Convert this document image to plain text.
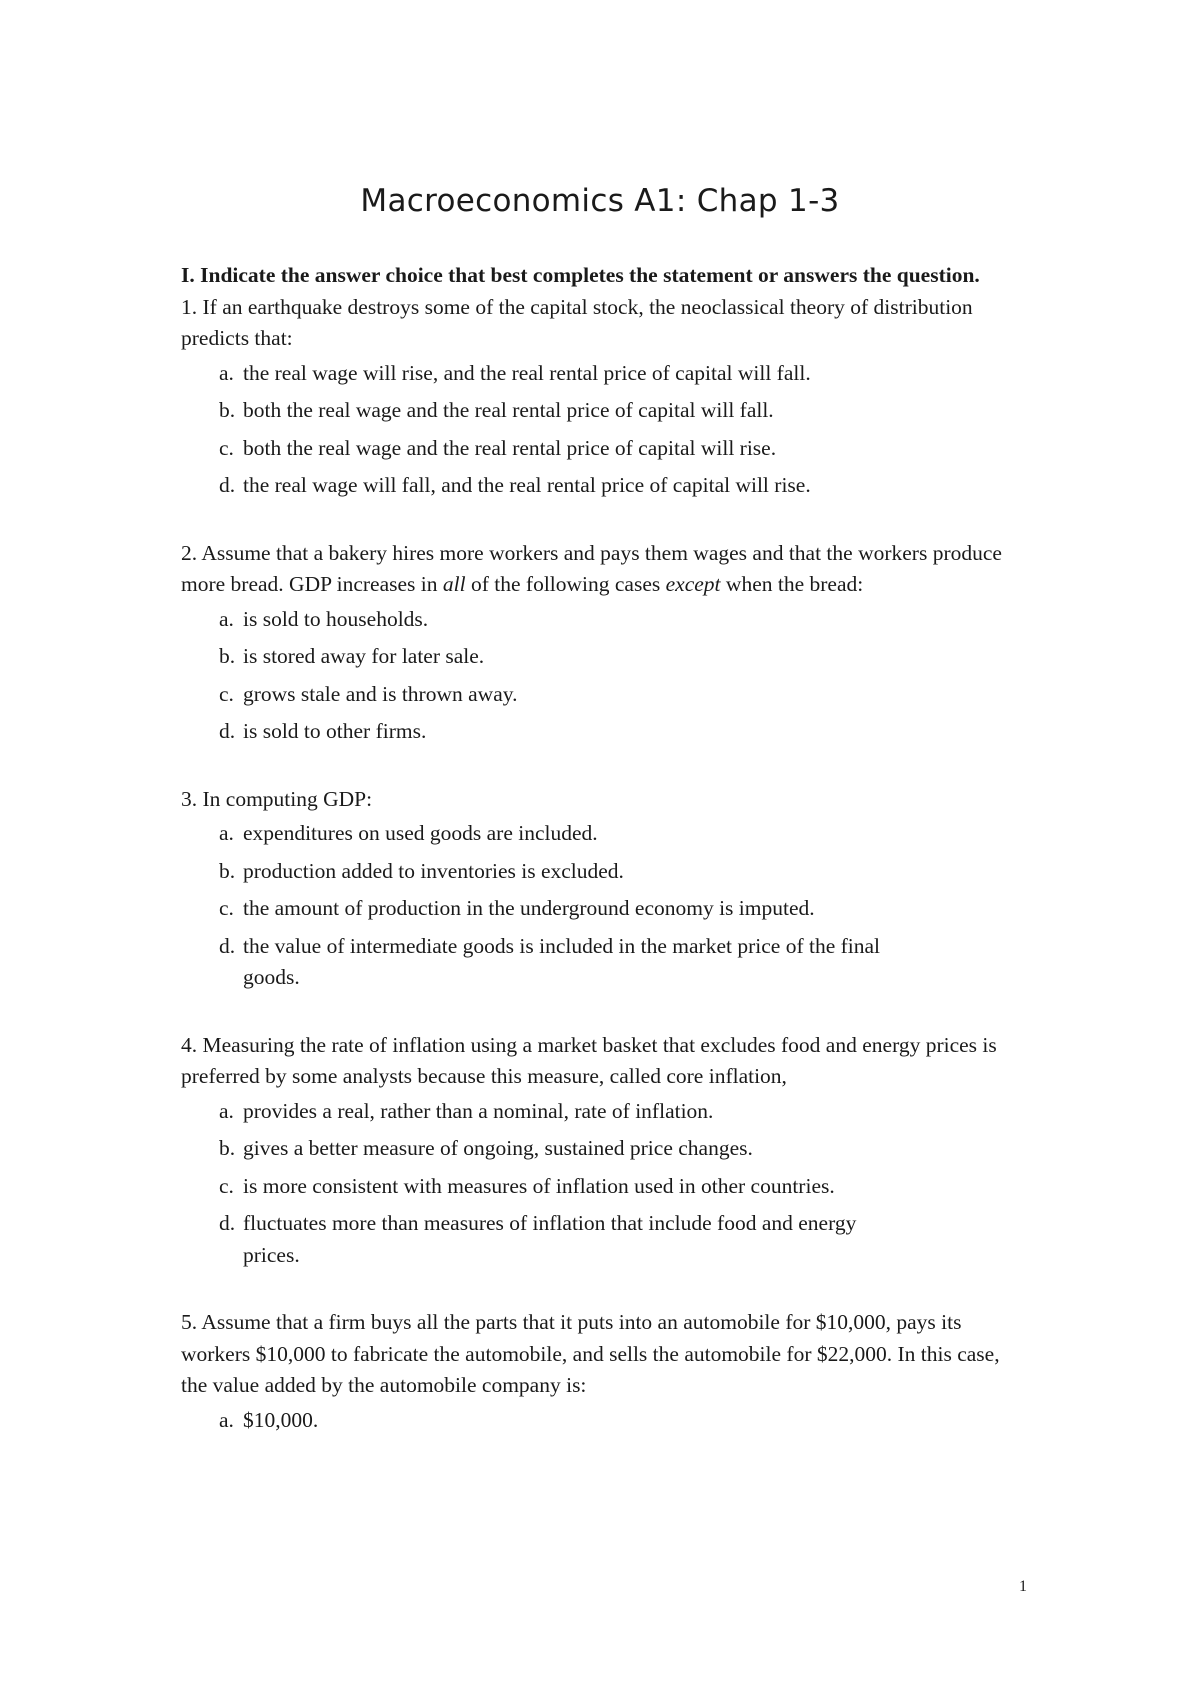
Macroeconomics A1: Chap 1-3

I. Indicate the answer choice that best completes the statement or answers the question.

1. If an earthquake destroys some of the capital stock, the neoclassical theory of distribution predicts that:

a. the real wage will rise, and the real rental price of capital will fall.
b. both the real wage and the real rental price of capital will fall.
c. both the real wage and the real rental price of capital will rise.
d. the real wage will fall, and the real rental price of capital will rise.

2. Assume that a bakery hires more workers and pays them wages and that the workers produce more bread. GDP increases in all of the following cases except when the bread:

a. is sold to households.
b. is stored away for later sale.
c. grows stale and is thrown away.
d. is sold to other firms.

3. In computing GDP:

a. expenditures on used goods are included.
b. production added to inventories is excluded.
c. the amount of production in the underground economy is imputed.
d. the value of intermediate goods is included in the market price of the final goods.

4. Measuring the rate of inflation using a market basket that excludes food and energy prices is preferred by some analysts because this measure, called core inflation,

a. provides a real, rather than a nominal, rate of inflation.
b. gives a better measure of ongoing, sustained price changes.
c. is more consistent with measures of inflation used in other countries.
d. fluctuates more than measures of inflation that include food and energy prices.

5. Assume that a firm buys all the parts that it puts into an automobile for $10,000, pays its workers $10,000 to fabricate the automobile, and sells the automobile for $22,000. In this case, the value added by the automobile company is:

a. $10,000.
1
